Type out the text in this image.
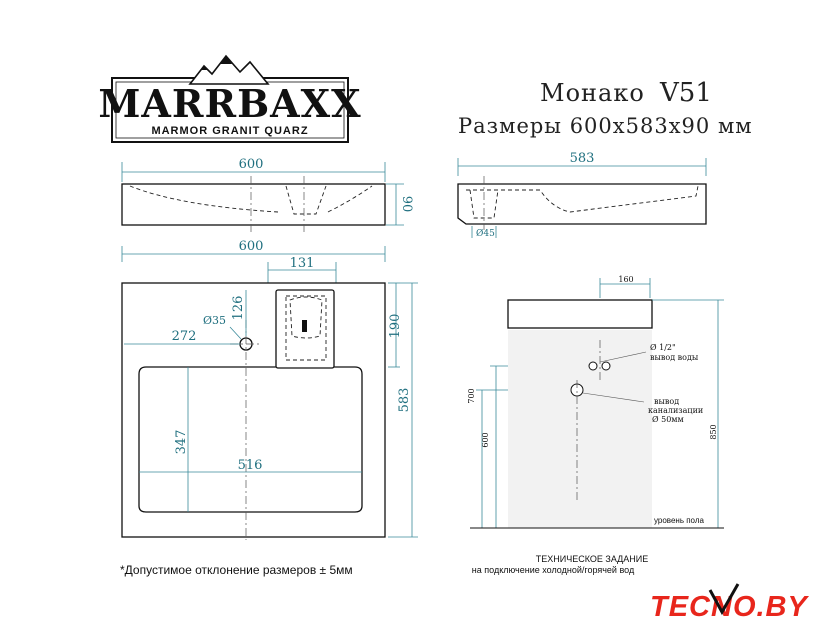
MARRBAXX
MARMOR GRANIT QUARZ
Монако V51
Размеры 600х583х90 мм
600
90
583
Ø45
600
131
126
272
Ø35	190
583
347
516
160
Ø 1/2"
вывод воды
вывод
канализации
Ø 50мм
700
600
850
уровень пола
ТЕХНИЧЕСКОЕ ЗАДАНИЕ
на подключение холодной/горячей вод
*Допустимое отклонение размеров ± 5мм
TECNO.BY
